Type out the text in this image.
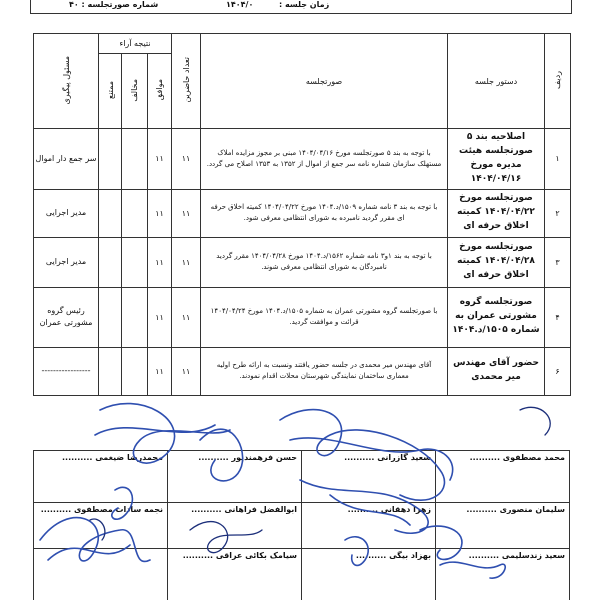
شماره صورتجلسه : ۴۰	۱۴۰۴/۰	زمان جلسه :
ردیف	دستور جلسه	صورتجلسه	تعداد حاضرین	نتیجه آراء			مسئول پیگیری
				موافق	مخالف	ممتنع	
۱	اصلاحیه بند ۵ صورتجلسه هیئت مدیره مورخ ۱۴۰۴/۰۴/۱۶	با توجه به بند ۵ صورتجلسه مورخ ۱۴۰۴/۰۴/۱۶ مبنی بر مجوز مزایده املاک مستهلک سازمان شماره نامه سر جمع از اموال از ۱۳۵۲ به ۱۳۵۳ اصلاح می گردد.	۱۱	۱۱			سر جمع دار اموال
۲	صورتجلسه مورخ ۱۴۰۴/۰۴/۲۲ کمیته اخلاق حرفه ای	با توجه به بند ۳ نامه شماره ۱۵۰۹/د.۱۴۰۴ مورخ ۱۴۰۴/۰۴/۲۲ کمیته اخلاق حرفه ای مقرر گردید نامبرده به شورای انتظامی معرفی شود.	۱۱	۱۱			مدیر اجرایی
۳	صورتجلسه مورخ ۱۴۰۴/۰۴/۲۸ کمیته اخلاق حرفه ای	با توجه به بند ۱و۳ نامه شماره ۱۵۶۲/د.۱۴۰۴ مورخ ۱۴۰۴/۰۴/۲۸ مقرر گردید نامبردگان به شورای انتظامی معرفی شوند.	۱۱	۱۱			مدیر اجرایی
۴	صورتجلسه گروه مشورتی عمران به شماره ۱۵۰۵/د.۱۴۰۴	با صورتجلسه گروه مشورتی عمران به شماره ۱۵۰۵/د.۱۴۰۴ مورخ ۱۴۰۴/۰۴/۲۴ قرائت و موافقت گردید.	۱۱	۱۱			رئیس گروه مشورتی عمران
۶	حضور آقای مهندس میر محمدی	آقای مهندس میر محمدی در جلسه حضور یافتند ونسبت به ارائه طرح اولیه معماری ساختمان نمایندگی شهرستان محلات اقدام نمودند.	۱۱	۱۱			-----------------
محمد مصطفوی ..........	سعید گازرانی ..........	حسن فرهمندپور ..........	محمدرضا ضیغمی ..........

سلیمان منصوری ..........	زهرا دهقانی ..........	ابوالفضل فراهانی ..........	نجمه سادات مصطفوی ..........

سعید زندسلیمی ..........	بهزاد بیگی ..........	سیامک بکائی عراقی ..........	
